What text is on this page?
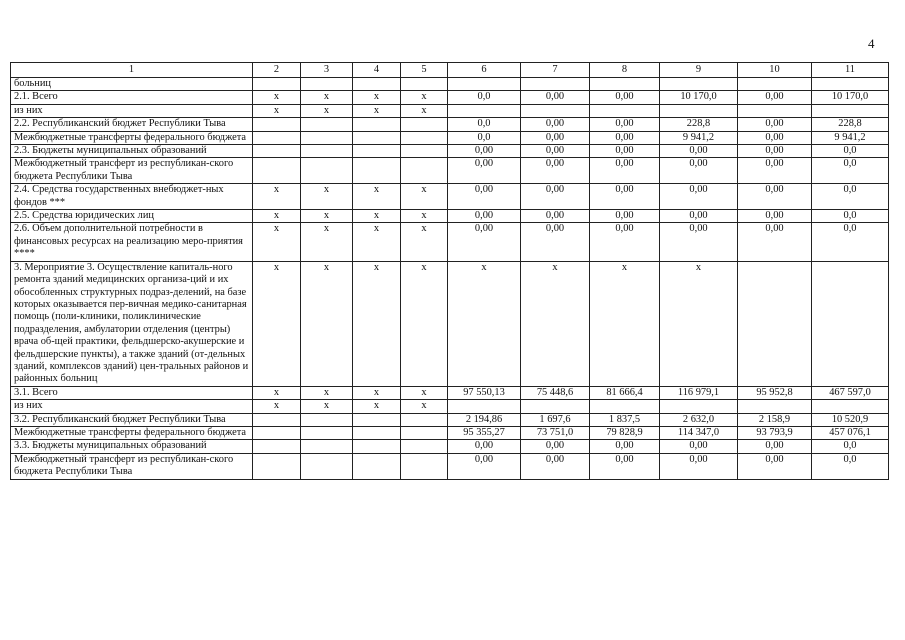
4
1	2	3	4	5	6	7	8	9	10	11
больниц										
2.1. Всего	х	х	х	х	0,0	0,00	0,00	10 170,0	0,00	10 170,0
из них	х	х	х	х						
2.2. Республиканский бюджет Республики Тыва					0,0	0,00	0,00	228,8	0,00	228,8
Межбюджетные трансферты федерального бюджета					0,0	0,00	0,00	9 941,2	0,00	9 941,2
2.3. Бюджеты муниципальных образований					0,00	0,00	0,00	0,00	0,00	0,0
Межбюджетный трансферт из республикан-ского бюджета Республики Тыва					0,00	0,00	0,00	0,00	0,00	0,0
2.4. Средства государственных внебюджет-ных фондов ***	х	х	х	х	0,00	0,00	0,00	0,00	0,00	0,0
2.5. Средства юридических лиц	х	х	х	х	0,00	0,00	0,00	0,00	0,00	0,0
2.6. Объем дополнительной потребности в финансовых ресурсах на реализацию меро-приятия ****	х	х	х	х	0,00	0,00	0,00	0,00	0,00	0,0
3. Мероприятие 3. Осуществление капиталь-ного ремонта зданий медицинских организа-ций и их обособленных структурных подраз-делений, на базе которых оказывается пер-вичная медико-санитарная помощь (поли-клиники, поликлинические подразделения, амбулатории отделения (центры) врача об-щей практики, фельдшерско-акушерские и фельдшерские пункты), а также зданий (от-дельных зданий, комплексов зданий) цен-тральных районов и районных больниц	х	х	х	х	х	х	х	х		
3.1. Всего	х	х	х	х	97 550,13	75 448,6	81 666,4	116 979,1	95 952,8	467 597,0
из них	х	х	х	х						
3.2. Республиканский бюджет Республики Тыва					2 194,86	1 697,6	1 837,5	2 632,0	2 158,9	10 520,9
Межбюджетные трансферты федерального бюджета					95 355,27	73 751,0	79 828,9	114 347,0	93 793,9	457 076,1
3.3. Бюджеты муниципальных образований					0,00	0,00	0,00	0,00	0,00	0,0
Межбюджетный трансферт из республикан-ского бюджета Республики Тыва					0,00	0,00	0,00	0,00	0,00	0,0
